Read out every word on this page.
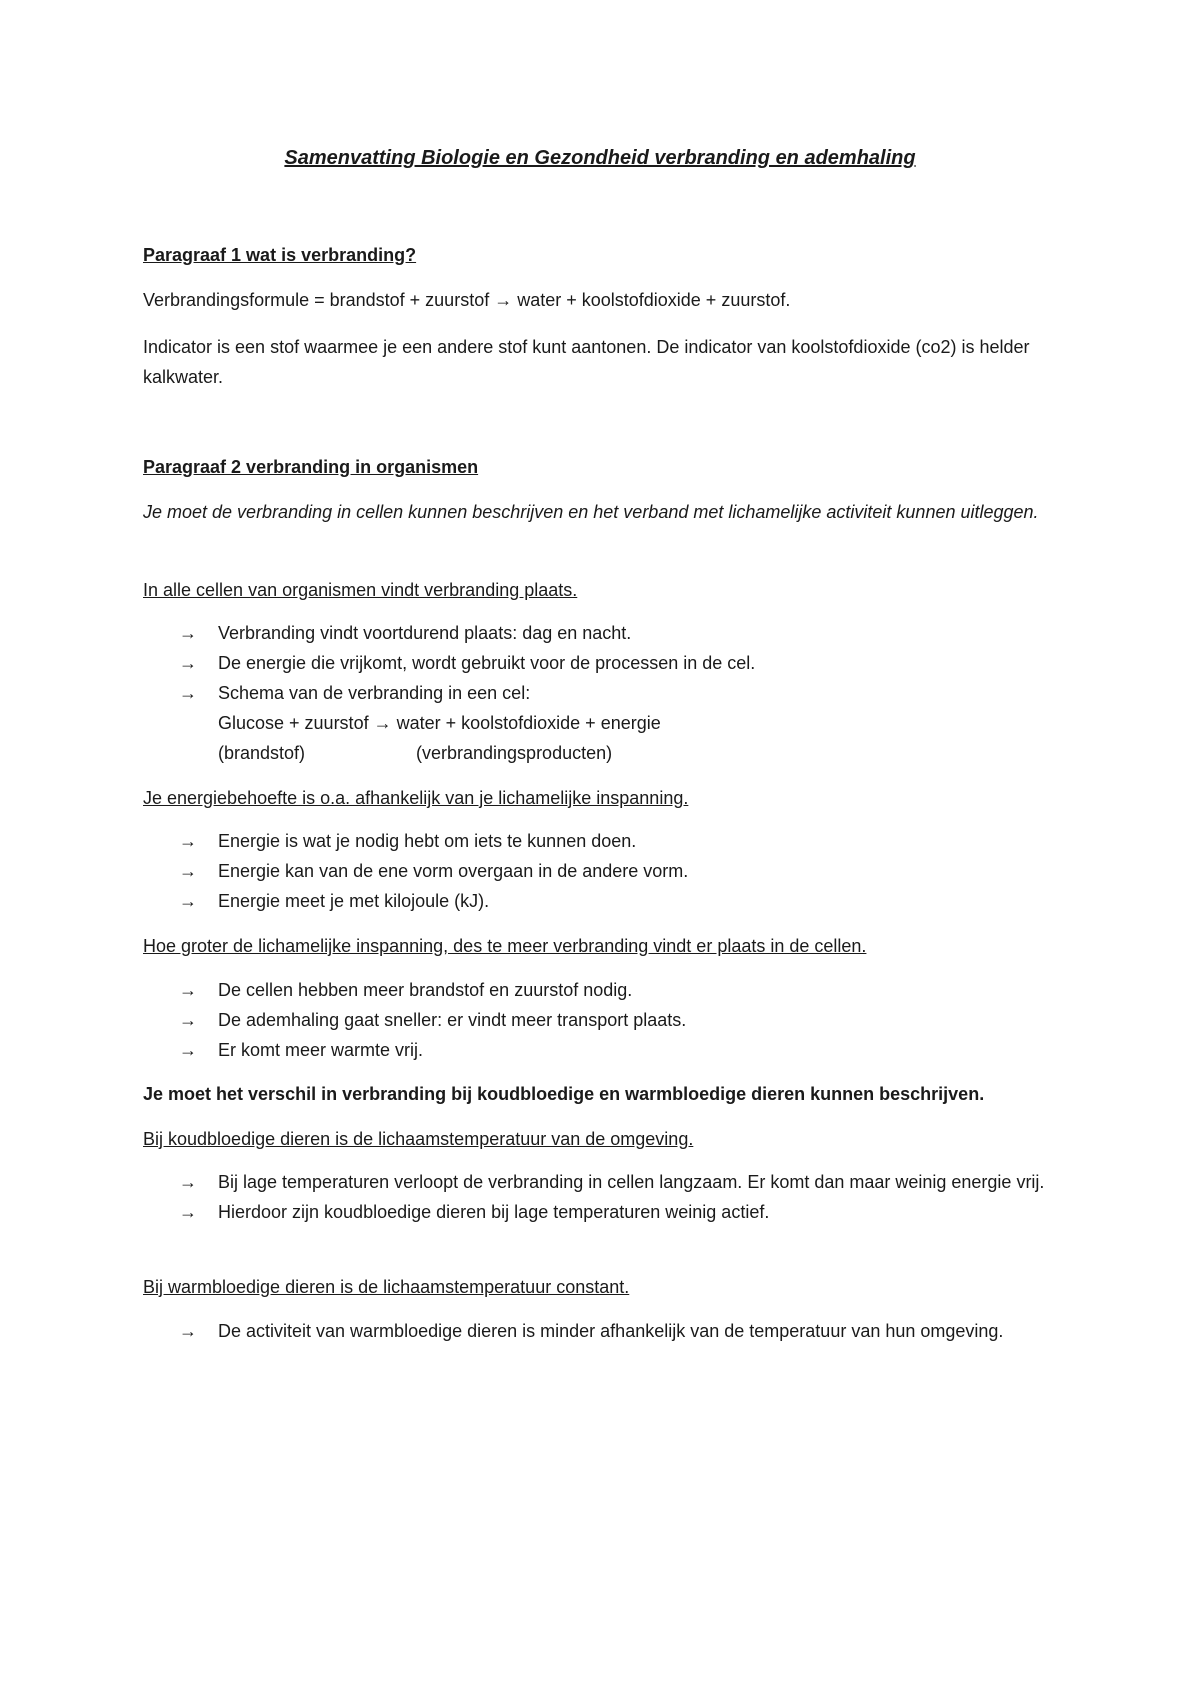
Samenvatting Biologie en Gezondheid verbranding en ademhaling

Paragraaf 1 wat is verbranding?

Verbrandingsformule = brandstof + zuurstof → water + koolstofdioxide + zuurstof.

Indicator is een stof waarmee je een andere stof kunt aantonen. De indicator van koolstofdioxide (co2) is helder kalkwater.

Paragraaf 2 verbranding in organismen

Je moet de verbranding in cellen kunnen beschrijven en het verband met lichamelijke activiteit kunnen uitleggen.

In alle cellen van organismen vindt verbranding plaats.

→ Verbranding vindt voortdurend plaats: dag en nacht.
→ De energie die vrijkomt, wordt gebruikt voor de processen in de cel.
→ Schema van de verbranding in een cel:
Glucose + zuurstof → water + koolstofdioxide + energie
(brandstof)	(verbrandingsproducten)

Je energiebehoefte is o.a. afhankelijk van je lichamelijke inspanning.

→ Energie is wat je nodig hebt om iets te kunnen doen.
→ Energie kan van de ene vorm overgaan in de andere vorm.
→ Energie meet je met kilojoule (kJ).

Hoe groter de lichamelijke inspanning, des te meer verbranding vindt er plaats in de cellen.

→ De cellen hebben meer brandstof en zuurstof nodig.
→ De ademhaling gaat sneller: er vindt meer transport plaats.
→ Er komt meer warmte vrij.

Je moet het verschil in verbranding bij koudbloedige en warmbloedige dieren kunnen beschrijven.

Bij koudbloedige dieren is de lichaamstemperatuur van de omgeving.

→ Bij lage temperaturen verloopt de verbranding in cellen langzaam. Er komt dan maar weinig energie vrij.
→ Hierdoor zijn koudbloedige dieren bij lage temperaturen weinig actief.

Bij warmbloedige dieren is de lichaamstemperatuur constant.

→ De activiteit van warmbloedige dieren is minder afhankelijk van de temperatuur van hun omgeving.
